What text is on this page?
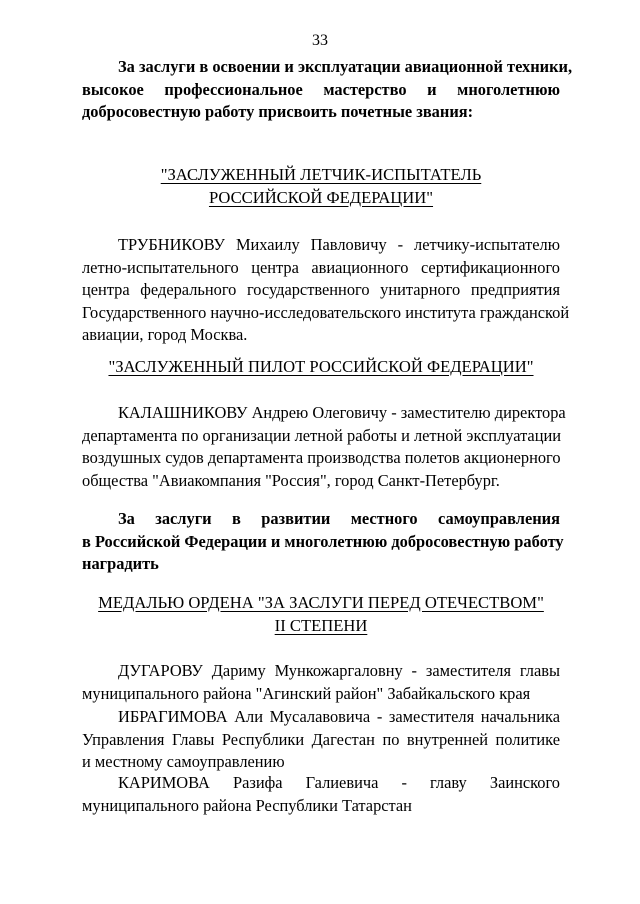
33
За заслуги в освоении и эксплуатации авиационной техники,
высокое профессиональное мастерство и многолетнюю
добросовестную работу присвоить почетные звания:
"ЗАСЛУЖЕННЫЙ ЛЕТЧИК-ИСПЫТАТЕЛЬ
РОССИЙСКОЙ ФЕДЕРАЦИИ"
ТРУБНИКОВУ Михаилу Павловичу - летчику-испытателю
летно-испытательного центра авиационного сертификационного
центра федерального государственного унитарного предприятия
Государственного научно-исследовательского института гражданской
авиации, город Москва.
"ЗАСЛУЖЕННЫЙ ПИЛОТ РОССИЙСКОЙ ФЕДЕРАЦИИ"
КАЛАШНИКОВУ Андрею Олеговичу - заместителю директора
департамента по организации летной работы и летной эксплуатации
воздушных судов департамента производства полетов акционерного
общества "Авиакомпания "Россия", город Санкт-Петербург.
За заслуги в развитии местного самоуправления
в Российской Федерации и многолетнюю добросовестную работу
наградить
МЕДАЛЬЮ ОРДЕНА "ЗА ЗАСЛУГИ ПЕРЕД ОТЕЧЕСТВОМ"
II СТЕПЕНИ
ДУГАРОВУ Дариму Мункожаргаловну - заместителя главы
муниципального района "Агинский район" Забайкальского края
ИБРАГИМОВА Али Мусалавовича - заместителя начальника
Управления Главы Республики Дагестан по внутренней политике
и местному самоуправлению
КАРИМОВА Разифа Галиевича - главу Заинского
муниципального района Республики Татарстан
